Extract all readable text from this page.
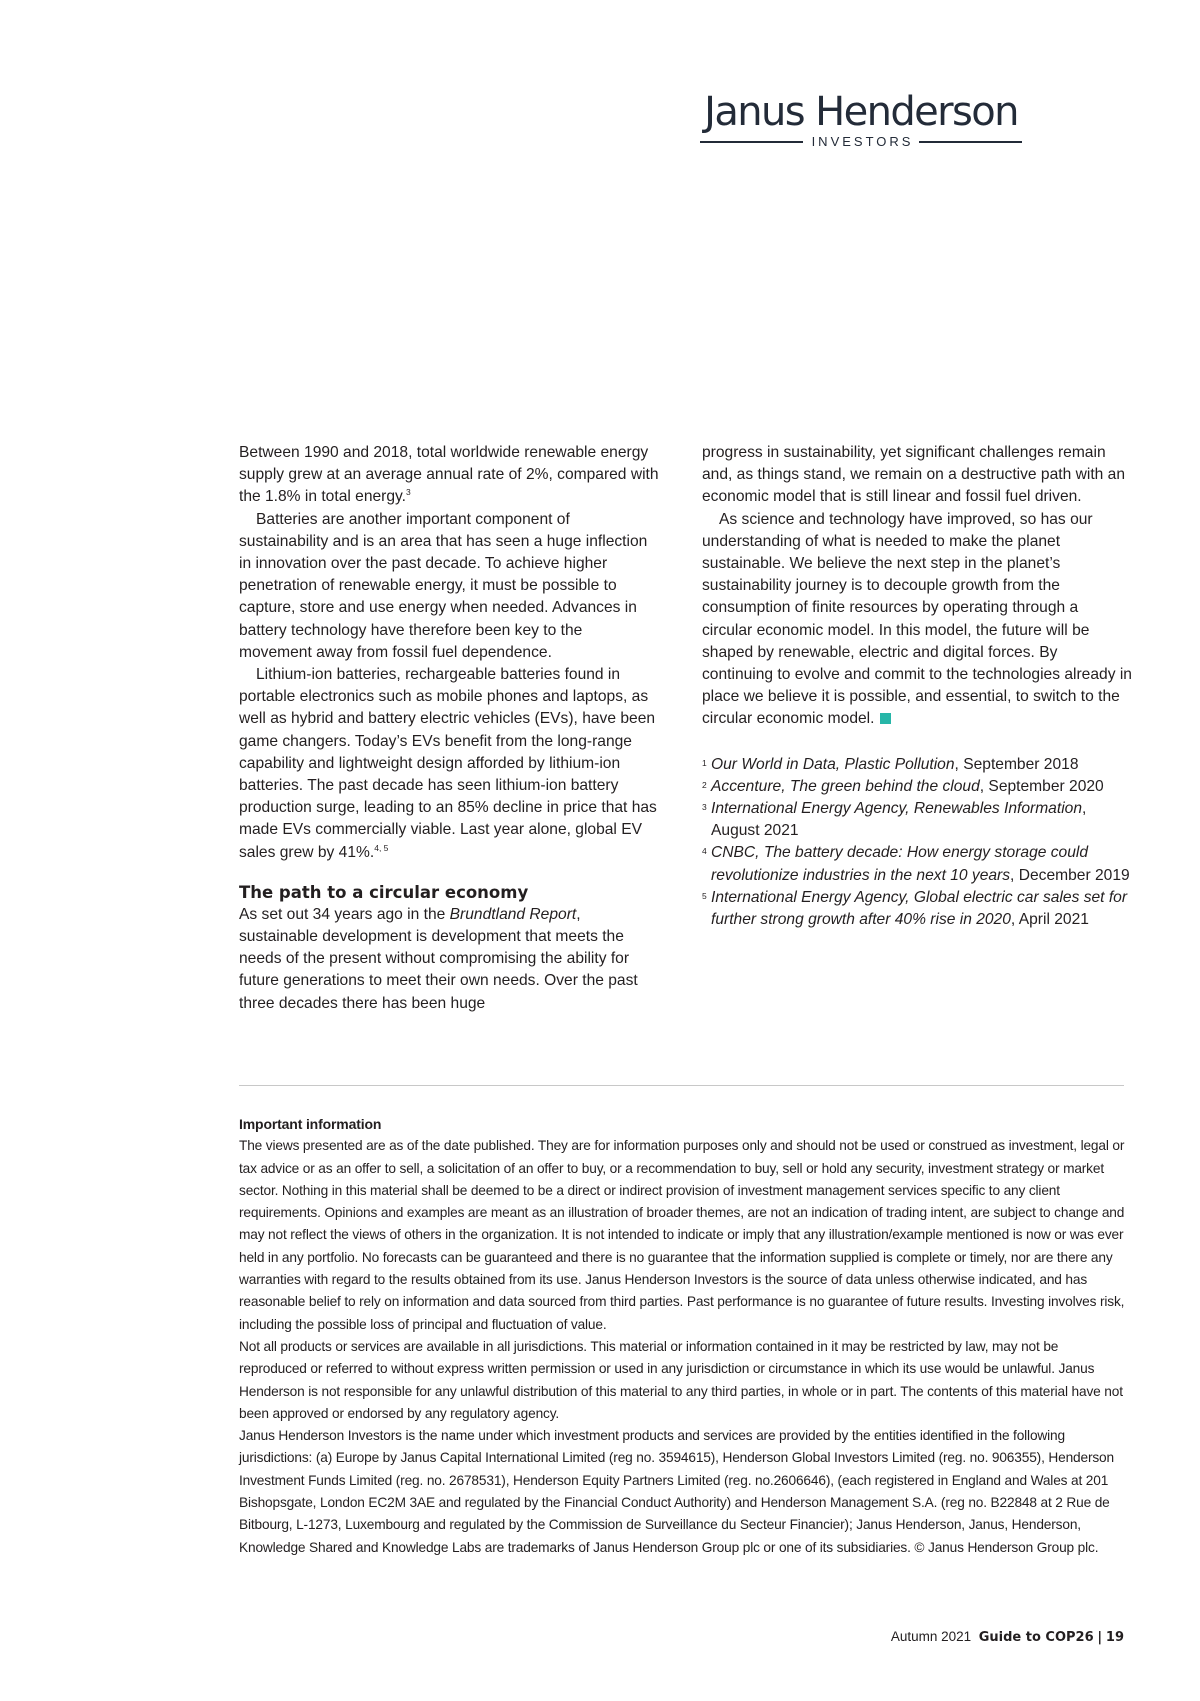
Janus Henderson
INVESTORS

Between 1990 and 2018, total worldwide renewable energy supply grew at an average annual rate of 2%, compared with the 1.8% in total energy.$^3$

Batteries are another important component of sustainability and is an area that has seen a huge inflection in innovation over the past decade. To achieve higher penetration of renewable energy, it must be possible to capture, store and use energy when needed. Advances in battery technology have therefore been key to the movement away from fossil fuel dependence.

Lithium-ion batteries, rechargeable batteries found in portable electronics such as mobile phones and laptops, as well as hybrid and battery electric vehicles (EVs), have been game changers. Today’s EVs benefit from the long-range capability and lightweight design afforded by lithium-ion batteries. The past decade has seen lithium-ion battery production surge, leading to an 85% decline in price that has made EVs commercially viable. Last year alone, global EV sales grew by 41%.$^{4, 5}$

The path to a circular economy

As set out 34 years ago in the Brundtland Report, sustainable development is development that meets the needs of the present without compromising the ability for future generations to meet their own needs. Over the past three decades there has been huge

progress in sustainability, yet significant challenges remain and, as things stand, we remain on a destructive path with an economic model that is still linear and fossil fuel driven.

As science and technology have improved, so has our understanding of what is needed to make the planet sustainable. We believe the next step in the planet’s sustainability journey is to decouple growth from the consumption of finite resources by operating through a circular economic model. In this model, the future will be shaped by renewable, electric and digital forces. By continuing to evolve and commit to the technologies already in place we believe it is possible, and essential, to switch to the circular economic model.

1 Our World in Data, Plastic Pollution, September 2018
2 Accenture, The green behind the cloud, September 2020
3 International Energy Agency, Renewables Information, August 2021
4 CNBC, The battery decade: How energy storage could revolutionize industries in the next 10 years, December 2019
5 International Energy Agency, Global electric car sales set for further strong growth after 40% rise in 2020, April 2021

Important information

The views presented are as of the date published. They are for information purposes only and should not be used or construed as investment, legal or tax advice or as an offer to sell, a solicitation of an offer to buy, or a recommendation to buy, sell or hold any security, investment strategy or market sector. Nothing in this material shall be deemed to be a direct or indirect provision of investment management services specific to any client requirements. Opinions and examples are meant as an illustration of broader themes, are not an indication of trading intent, are subject to change and may not reflect the views of others in the organization. It is not intended to indicate or imply that any illustration/example mentioned is now or was ever held in any portfolio. No forecasts can be guaranteed and there is no guarantee that the information supplied is complete or timely, nor are there any warranties with regard to the results obtained from its use. Janus Henderson Investors is the source of data unless otherwise indicated, and has reasonable belief to rely on information and data sourced from third parties. Past performance is no guarantee of future results. Investing involves risk, including the possible loss of principal and fluctuation of value.

Not all products or services are available in all jurisdictions. This material or information contained in it may be restricted by law, may not be reproduced or referred to without express written permission or used in any jurisdiction or circumstance in which its use would be unlawful. Janus Henderson is not responsible for any unlawful distribution of this material to any third parties, in whole or in part. The contents of this material have not been approved or endorsed by any regulatory agency.

Janus Henderson Investors is the name under which investment products and services are provided by the entities identified in the following jurisdictions: (a) Europe by Janus Capital International Limited (reg no. 3594615), Henderson Global Investors Limited (reg. no. 906355), Henderson Investment Funds Limited (reg. no. 2678531), Henderson Equity Partners Limited (reg. no.2606646), (each registered in England and Wales at 201 Bishopsgate, London EC2M 3AE and regulated by the Financial Conduct Authority) and Henderson Management S.A. (reg no. B22848 at 2 Rue de Bitbourg, L-1273, Luxembourg and regulated by the Commission de Surveillance du Secteur Financier); Janus Henderson, Janus, Henderson, Knowledge Shared and Knowledge Labs are trademarks of Janus Henderson Group plc or one of its subsidiaries. © Janus Henderson Group plc.

Autumn 2021 Guide to COP26 | 19
